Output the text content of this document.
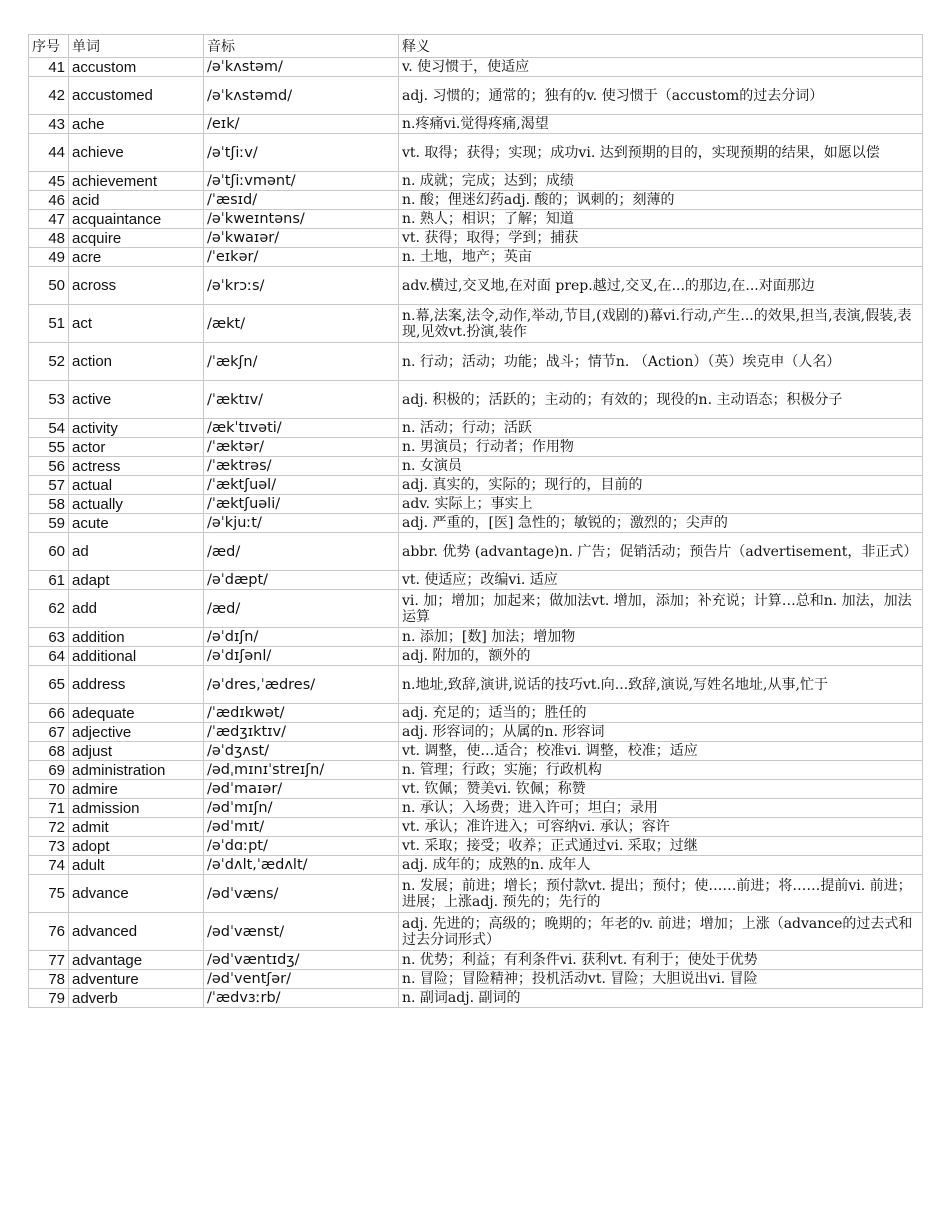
序号	单词	音标	释义
41	accustom	/əˈkʌstəm/	v. 使习惯于，使适应
42	accustomed	/əˈkʌstəmd/	adj. 习惯的；通常的；独有的v. 使习惯于（accustom的过去分词）
43	ache	/eɪk/	n.疼痛vi.觉得疼痛,渴望
44	achieve	/əˈtʃiːv/	vt. 取得；获得；实现；成功vi. 达到预期的目的，实现预期的结果，如愿以偿
45	achievement	/əˈtʃiːvmənt/	n. 成就；完成；达到；成绩
46	acid	/ˈæsɪd/	n. 酸；俚迷幻药adj. 酸的；讽刺的；刻薄的
47	acquaintance	/əˈkweɪntəns/	n. 熟人；相识；了解；知道
48	acquire	/əˈkwaɪər/	vt. 获得；取得；学到；捕获
49	acre	/ˈeɪkər/	n. 土地，地产；英亩
50	across	/əˈkrɔːs/	adv.横过,交叉地,在对面 prep.越过,交叉,在...的那边,在...对面那边
51	act	/ækt/	n.幕,法案,法令,动作,举动,节目,(戏剧的)幕vi.行动,产生...的效果,担当,表演,假装,表现,见效vt.扮演,装作
52	action	/ˈækʃn/	n. 行动；活动；功能；战斗；情节n. （Action）（英）埃克申（人名）
53	active	/ˈæktɪv/	adj. 积极的；活跃的；主动的；有效的；现役的n. 主动语态；积极分子
54	activity	/ækˈtɪvəti/	n. 活动；行动；活跃
55	actor	/ˈæktər/	n. 男演员；行动者；作用物
56	actress	/ˈæktrəs/	n. 女演员
57	actual	/ˈæktʃuəl/	adj. 真实的，实际的；现行的，目前的
58	actually	/ˈæktʃuəli/	adv. 实际上；事实上
59	acute	/əˈkjuːt/	adj. 严重的，[医] 急性的；敏锐的；激烈的；尖声的
60	ad	/æd/	abbr. 优势 (advantage)n. 广告；促销活动；预告片（advertisement，非正式）
61	adapt	/əˈdæpt/	vt. 使适应；改编vi. 适应
62	add	/æd/	vi. 加；增加；加起来；做加法vt. 增加，添加；补充说；计算…总和n. 加法，加法运算
63	addition	/əˈdɪʃn/	n. 添加；[数] 加法；增加物
64	additional	/əˈdɪʃənl/	adj. 附加的，额外的
65	address	/əˈdres,ˈædres/	n.地址,致辞,演讲,说话的技巧vt.向...致辞,演说,写姓名地址,从事,忙于
66	adequate	/ˈædɪkwət/	adj. 充足的；适当的；胜任的
67	adjective	/ˈædʒɪktɪv/	adj. 形容词的；从属的n. 形容词
68	adjust	/əˈdʒʌst/	vt. 调整，使…适合；校准vi. 调整，校准；适应
69	administration	/ədˌmɪnɪˈstreɪʃn/	n. 管理；行政；实施；行政机构
70	admire	/ədˈmaɪər/	vt. 钦佩；赞美vi. 钦佩；称赞
71	admission	/ədˈmɪʃn/	n. 承认；入场费；进入许可；坦白；录用
72	admit	/ədˈmɪt/	vt. 承认；准许进入；可容纳vi. 承认；容许
73	adopt	/əˈdɑːpt/	vt. 采取；接受；收养；正式通过vi. 采取；过继
74	adult	/əˈdʌlt,ˈædʌlt/	adj. 成年的；成熟的n. 成年人
75	advance	/ədˈvæns/	n. 发展；前进；增长；预付款vt. 提出；预付；使……前进；将……提前vi. 前进；进展；上涨adj. 预先的；先行的
76	advanced	/ədˈvænst/	adj. 先进的；高级的；晚期的；年老的v. 前进；增加；上涨（advance的过去式和过去分词形式）
77	advantage	/ədˈvæntɪdʒ/	n. 优势；利益；有利条件vi. 获利vt. 有利于；使处于优势
78	adventure	/ədˈventʃər/	n. 冒险；冒险精神；投机活动vt. 冒险；大胆说出vi. 冒险
79	adverb	/ˈædvɜːrb/	n. 副词adj. 副词的
